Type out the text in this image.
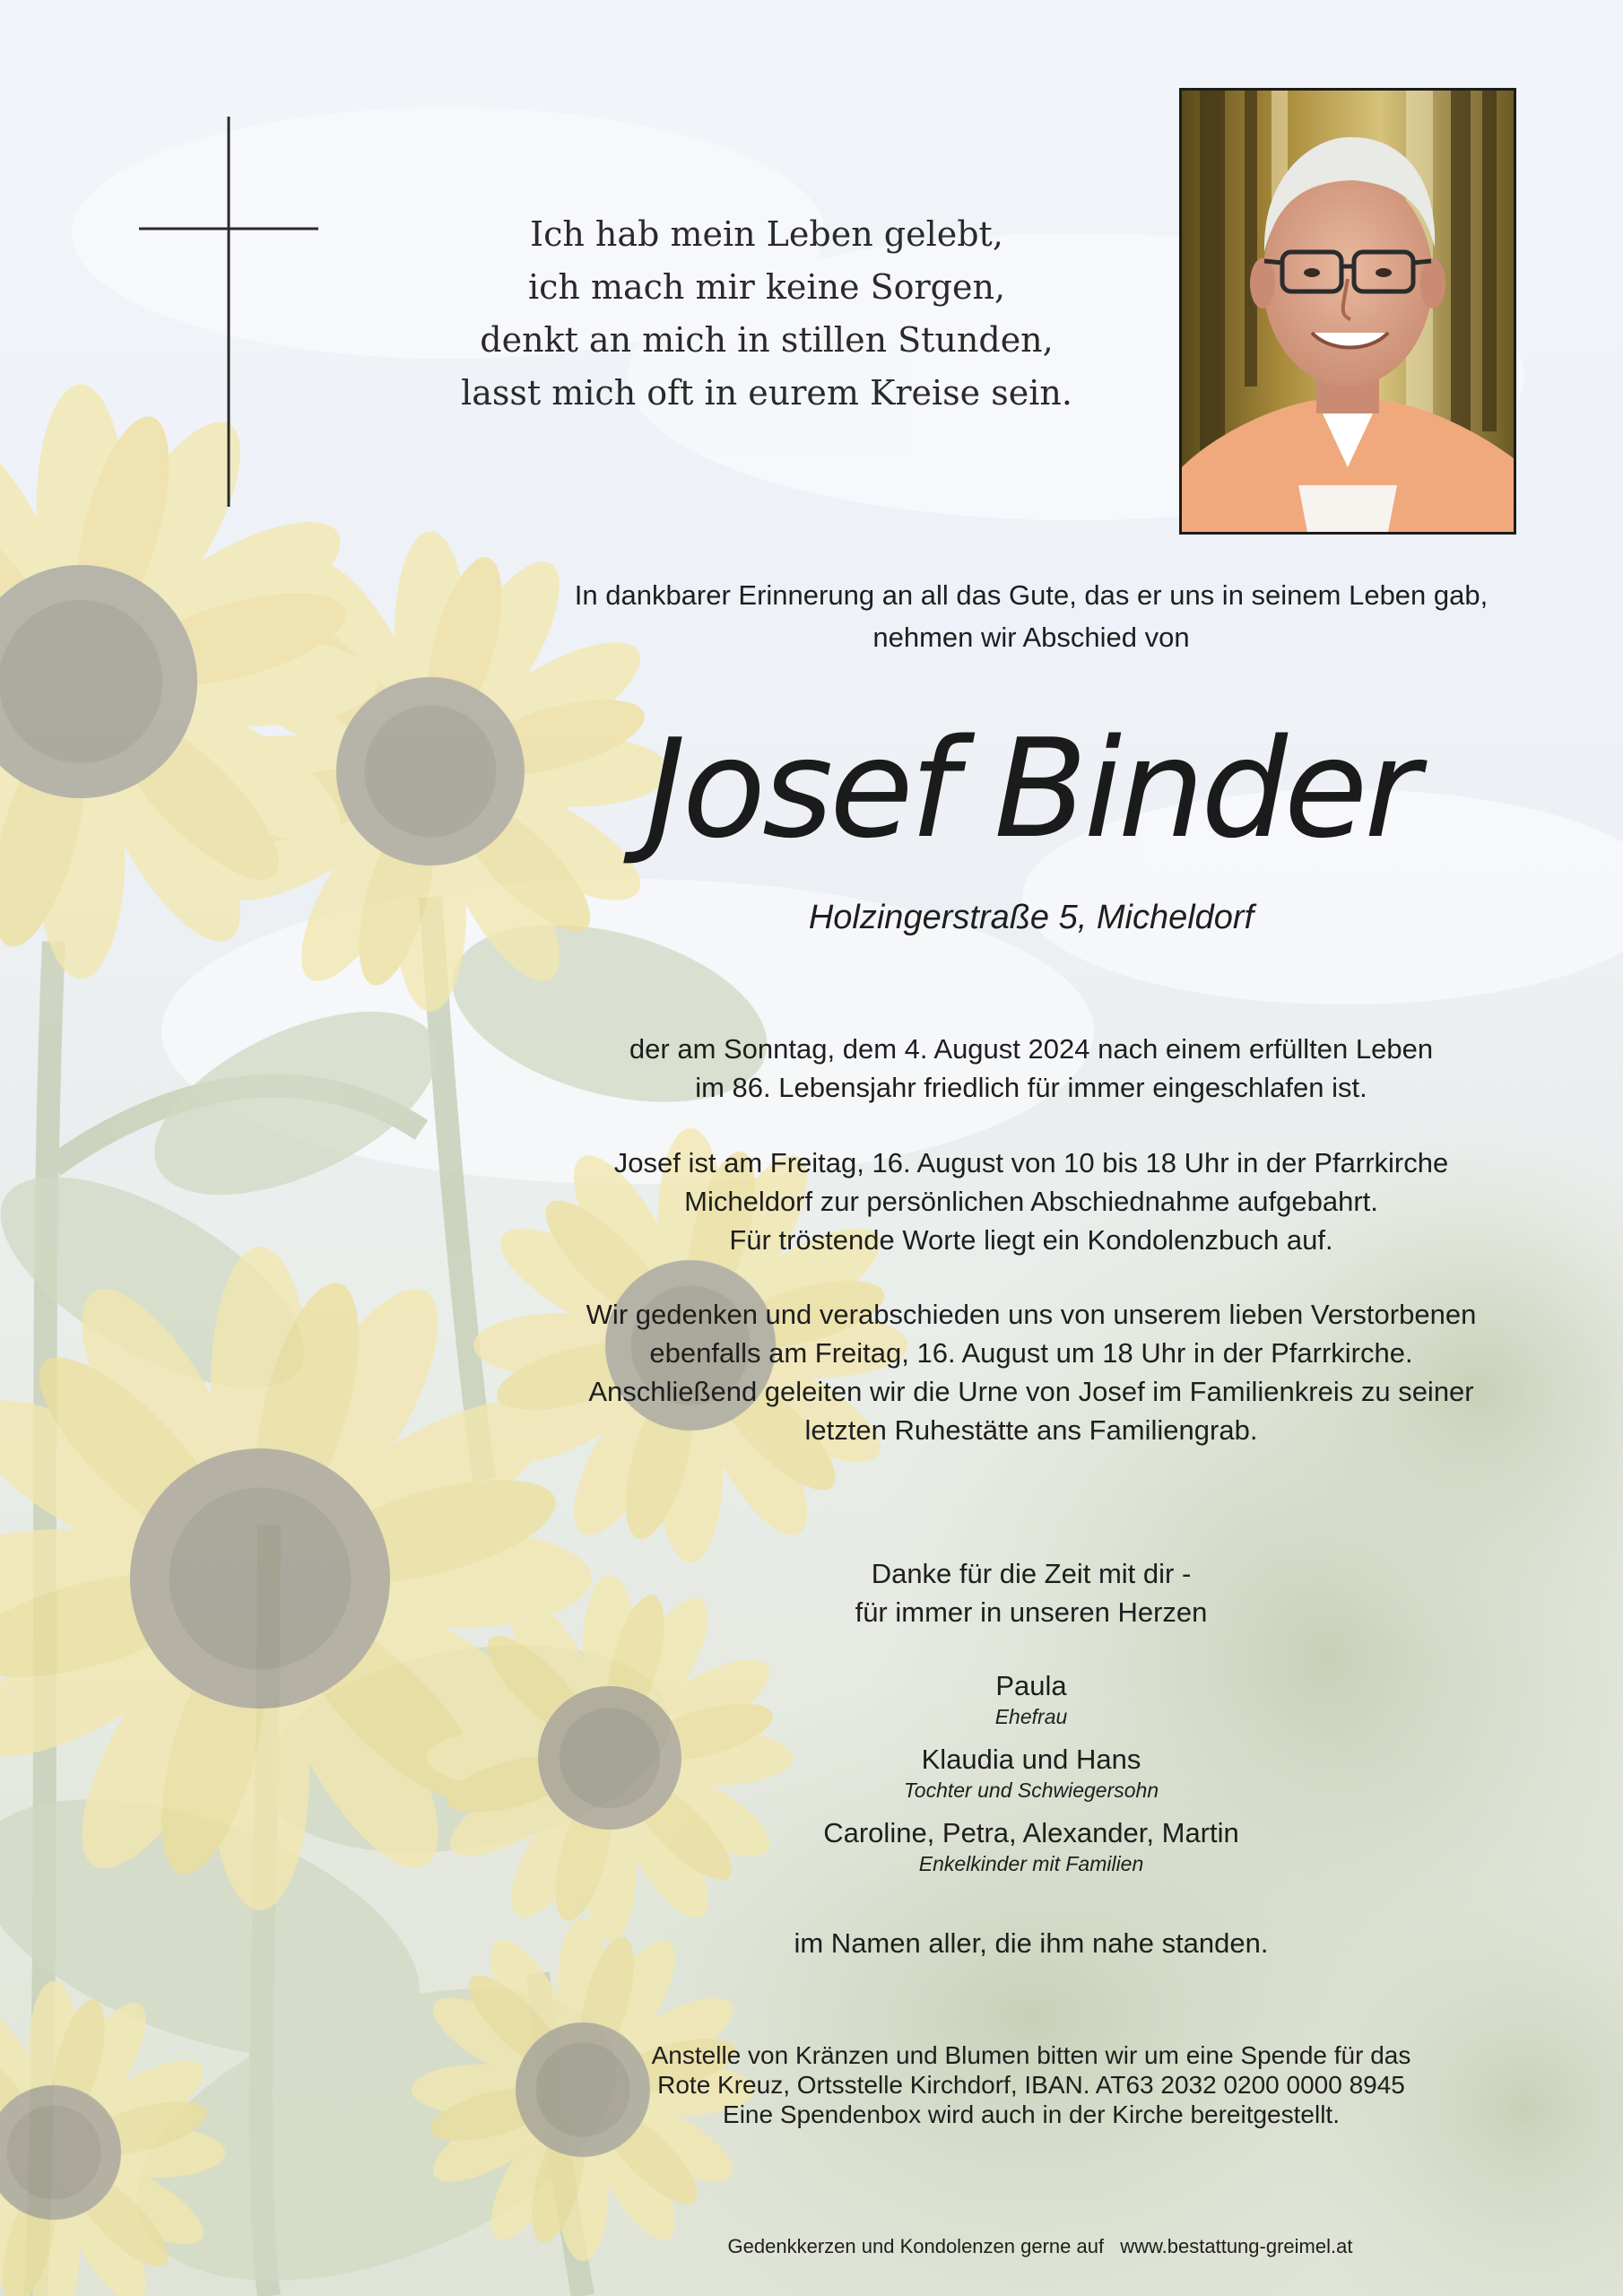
Ich hab mein Leben gelebt,
ich mach mir keine Sorgen,
denkt an mich in stillen Stunden,
lasst mich oft in eurem Kreise sein.
In dankbarer Erinnerung an all das Gute, das er uns in seinem Leben gab,
nehmen wir Abschied von
Josef Binder
Holzingerstraße 5, Micheldorf
der am Sonntag, dem 4. August 2024 nach einem erfüllten Leben
im 86. Lebensjahr friedlich für immer eingeschlafen ist.
Josef ist am Freitag, 16. August von 10 bis 18 Uhr in der Pfarrkirche
Micheldorf zur persönlichen Abschiednahme aufgebahrt.
Für tröstende Worte liegt ein Kondolenzbuch auf.
Wir gedenken und verabschieden uns von unserem lieben Verstorbenen
ebenfalls am Freitag, 16. August um 18 Uhr in der Pfarrkirche.
Anschließend geleiten wir die Urne von Josef im Familienkreis zu seiner
letzten Ruhestätte ans Familiengrab.
Danke für die Zeit mit dir -
für immer in unseren Herzen
Paula
Ehefrau
Klaudia und Hans
Tochter und Schwiegersohn
Caroline, Petra, Alexander, Martin
Enkelkinder mit Familien
im Namen aller, die ihm nahe standen.
Anstelle von Kränzen und Blumen bitten wir um eine Spende für das
Rote Kreuz, Ortsstelle Kirchdorf, IBAN. AT63 2032 0200 0000 8945
Eine Spendenbox wird auch in der Kirche bereitgestellt.
Gedenkkerzen und Kondolenzen gerne auf www.bestattung-greimel.at
